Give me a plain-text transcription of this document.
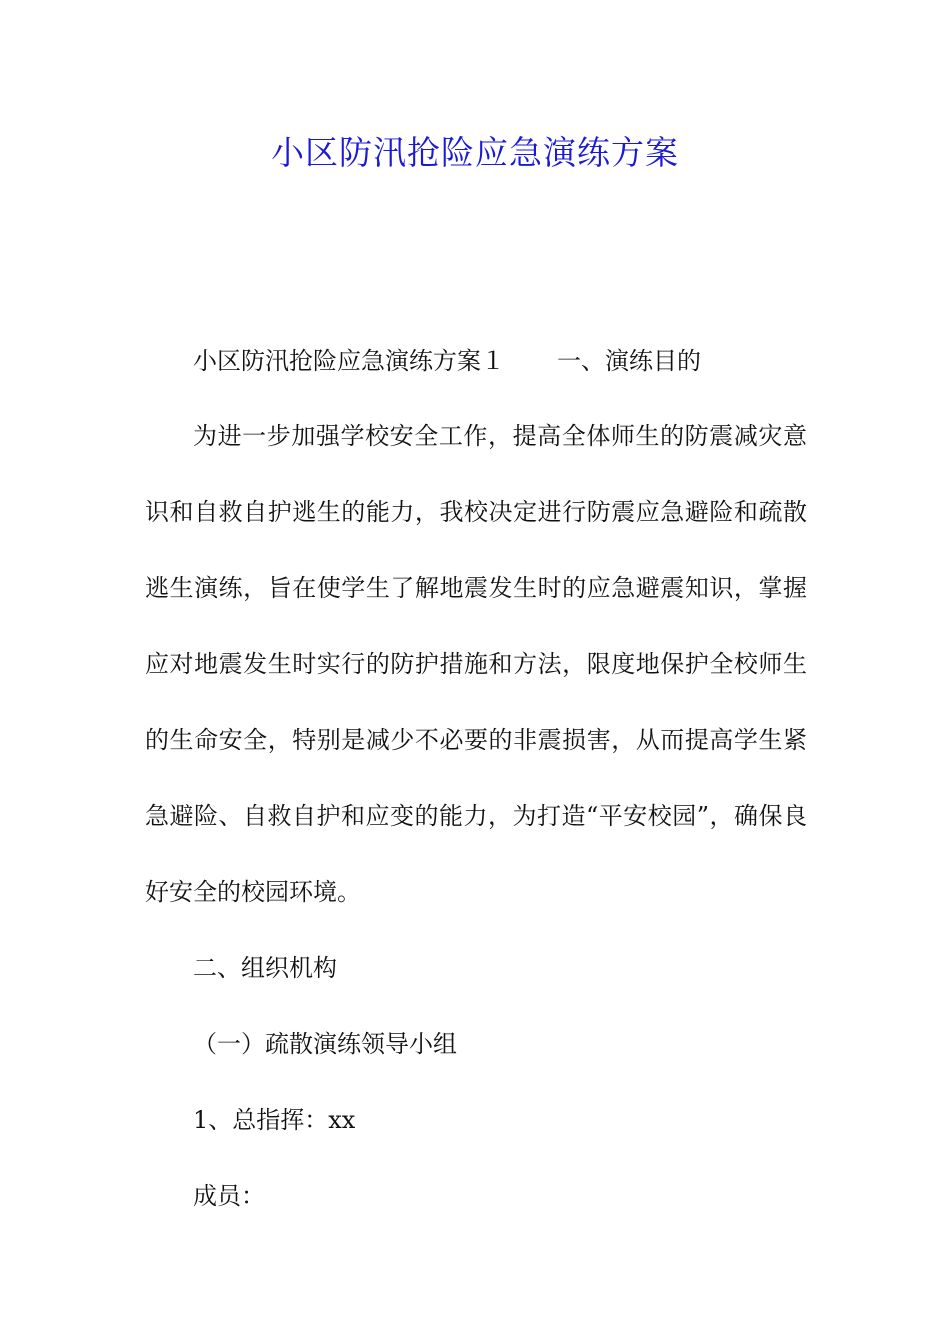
小区防汛抢险应急演练方案
小区防汛抢险应急演练方案１ 一、演练目的

为进一步加强学校安全工作，提高全体师生的防震减灾意识和自救自护逃生的能力，我校决定进行防震应急避险和疏散逃生演练，旨在使学生了解地震发生时的应急避震知识，掌握应对地震发生时实行的防护措施和方法，限度地保护全校师生的生命安全，特别是减少不必要的非震损害，从而提高学生紧急避险、自救自护和应变的能力，为打造“平安校园”，确保良好安全的校园环境。

二、组织机构

（一）疏散演练领导小组

1、总指挥：xx

成员：
